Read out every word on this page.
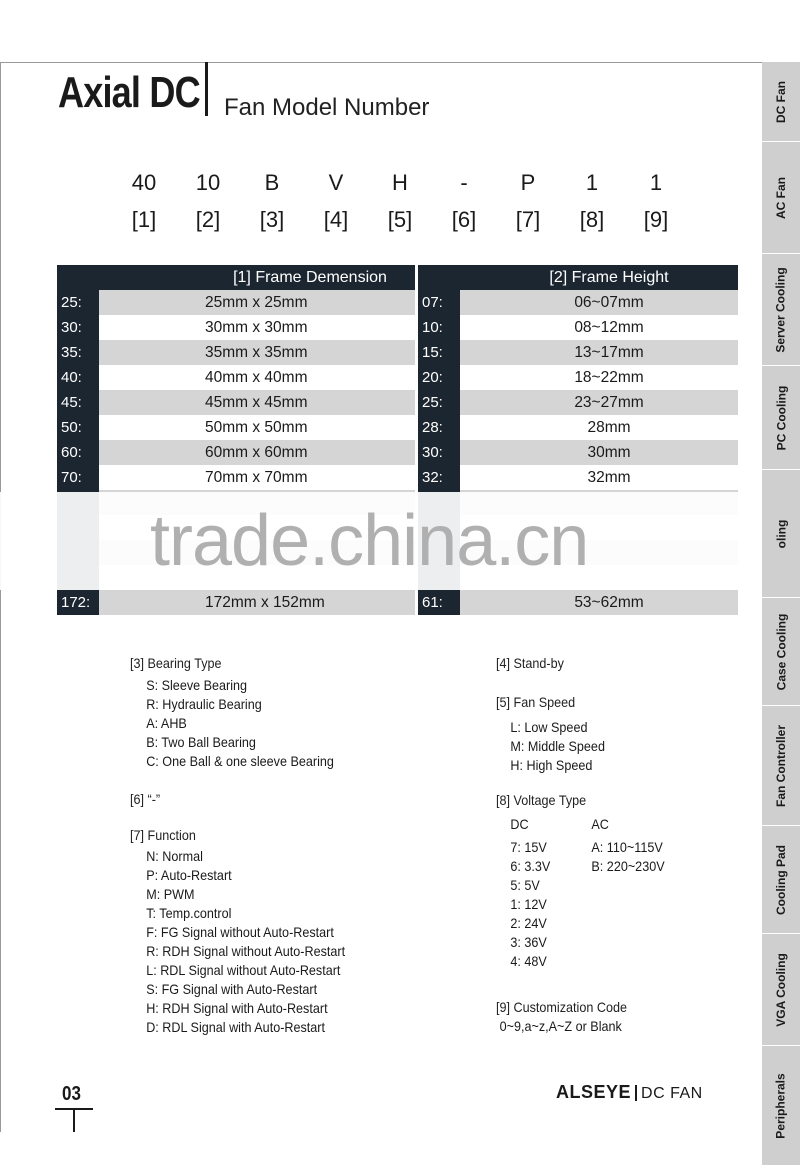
Axial DC Fan Model Number
40	10	B	V	H	-	P	1	1
[1]	[2]	[3]	[4]	[5]	[6]	[7]	[8]	[9]
[1] Frame Demension
25:	25mm x 25mm
30:	30mm x 30mm
35:	35mm x 35mm
40:	40mm x 40mm
45:	45mm x 45mm
50:	50mm x 50mm
60:	60mm x 60mm
70:	70mm x 70mm
172:	172mm x 152mm
[2] Frame Height
07:	06~07mm
10:	08~12mm
15:	13~17mm
20:	18~22mm
25:	23~27mm
28:	28mm
30:	30mm
32:	32mm
61:	53~62mm
trade.china.cn
[3] Bearing Type
S: Sleeve Bearing
R: Hydraulic Bearing
A: AHB
B: Two Ball Bearing
C: One Ball & one sleeve Bearing
[6] “-”
[7] Function
N: Normal
P: Auto-Restart
M: PWM
T: Temp.control
F: FG Signal without Auto-Restart
R: RDH Signal without Auto-Restart
L: RDL Signal without Auto-Restart
S: FG Signal with Auto-Restart
H: RDH Signal with Auto-Restart
D: RDL Signal with Auto-Restart
[4] Stand-by
[5] Fan Speed
L: Low Speed
M: Middle Speed
H: High Speed
[8] Voltage Type
DC
7: 15V
6: 3.3V
5: 5V
1: 12V
2: 24V
3: 36V
4: 48V
AC
A: 110~115V
B: 220~230V
[9] Customization Code
0~9,a~z,A~Z or Blank
DC Fan
AC Fan
Server Cooling
PC Cooling
oling
Case Cooling
Fan Controller
Cooling Pad
VGA Cooling
Peripherals
03	ALSEYE DC FAN
